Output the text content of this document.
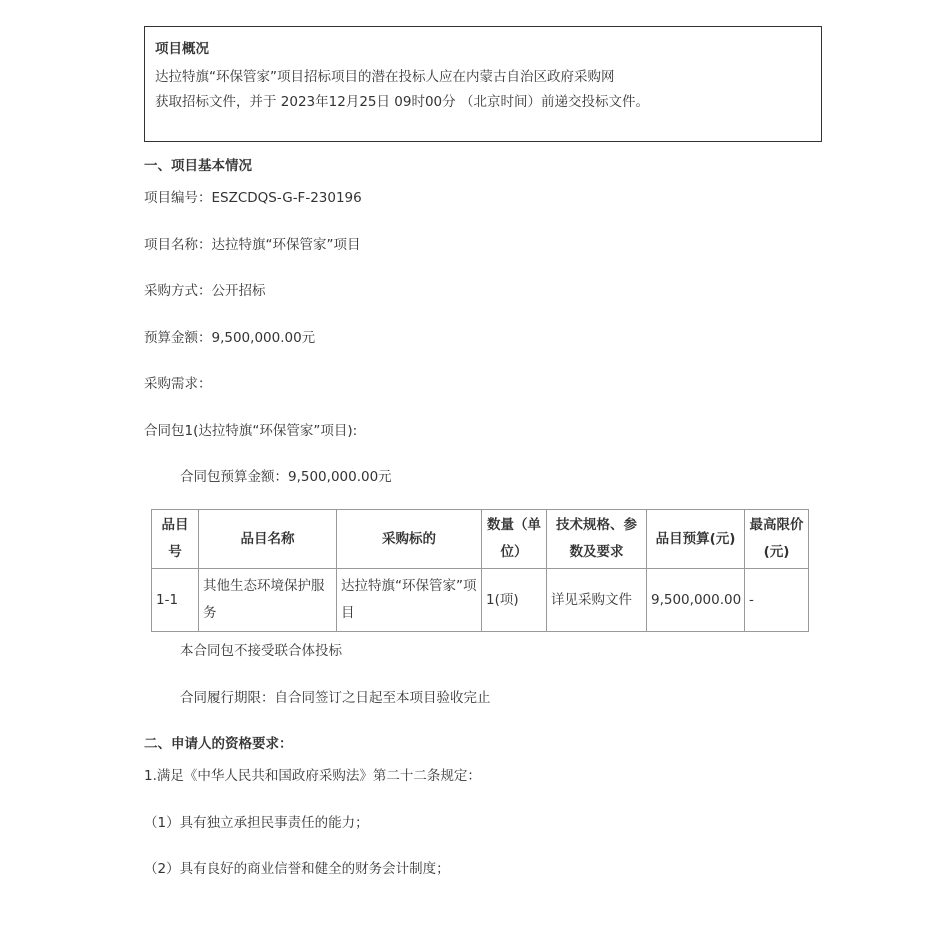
项目概况
达拉特旗“环保管家”项目招标项目的潜在投标人应在内蒙古自治区政府采购网
获取招标文件，并于 2023年12月25日 09时00分 （北京时间）前递交投标文件。
一、项目基本情况
项目编号：ESZCDQS-G-F-230196
项目名称：达拉特旗“环保管家”项目
采购方式：公开招标
预算金额：9,500,000.00元
采购需求：
合同包1(达拉特旗“环保管家”项目):
合同包预算金额：9,500,000.00元
品目号	品目名称	采购标的	数量（单位）	技术规格、参数及要求	品目预算(元)	最高限价(元)
1-1	其他生态环境保护服务	达拉特旗“环保管家”项目	1(项)	详见采购文件	9,500,000.00	-
本合同包不接受联合体投标
合同履行期限：自合同签订之日起至本项目验收完止
二、申请人的资格要求：
1.满足《中华人民共和国政府采购法》第二十二条规定：
（1）具有独立承担民事责任的能力；
（2）具有良好的商业信誉和健全的财务会计制度；
